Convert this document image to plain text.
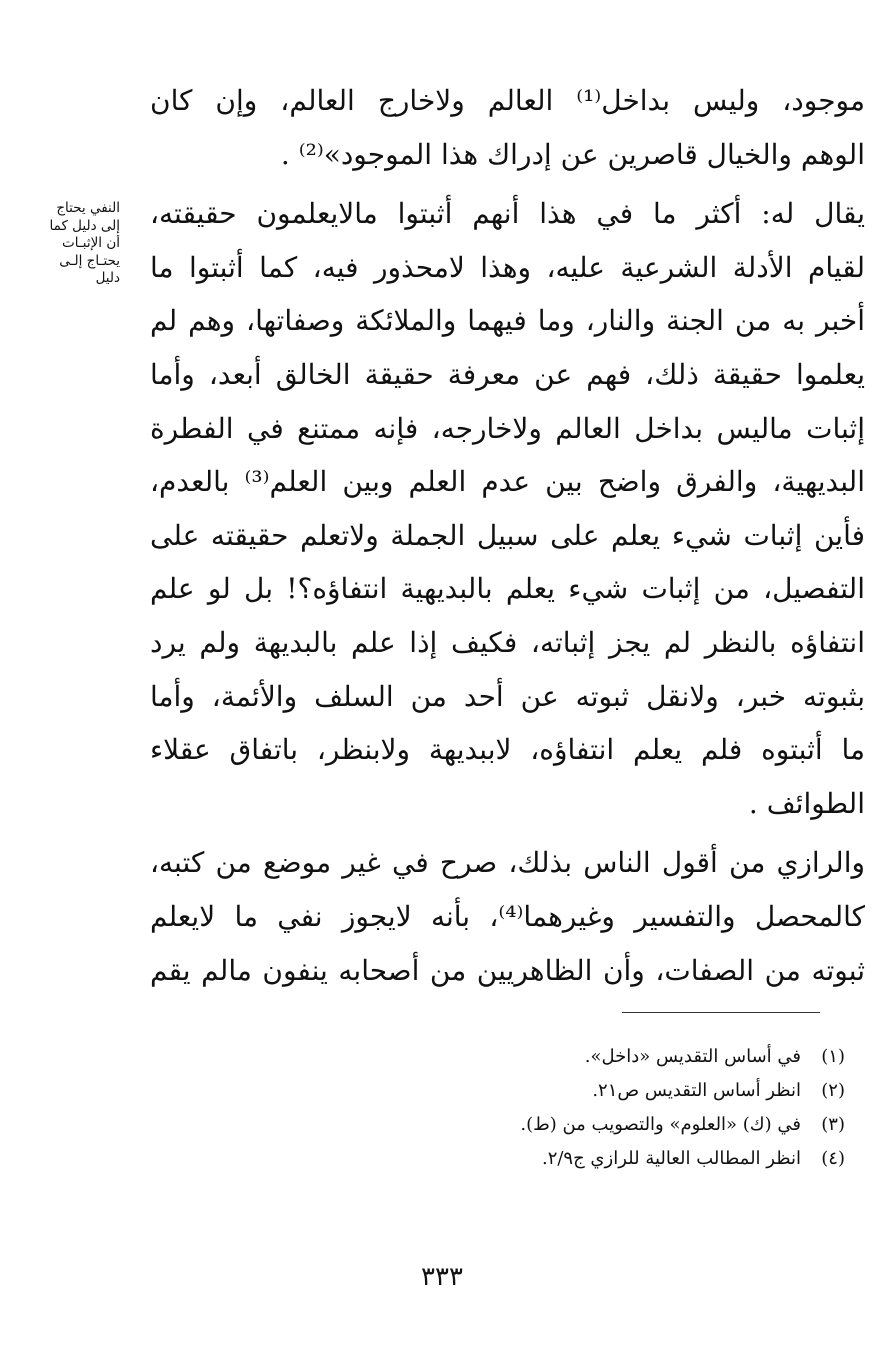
موجود، وليس بداخل⁽¹⁾ العالم ولاخارج العالم، وإن كان
الوهم والخيال قاصرين عن إدراك هذا الموجود»⁽²⁾ .
يقال له: أكثر ما في هذا أنهم أثبتوا مالايعلمون حقيقته،
لقيام الأدلة الشرعية عليه، وهذا لامحذور فيه، كما أثبتوا ما
أخبر به من الجنة والنار، وما فيهما والملائكة وصفاتها، وهم لم
يعلموا حقيقة ذلك، فهم عن معرفة حقيقة الخالق أبعد، وأما
إثبات ماليس بداخل العالم ولاخارجه، فإنه ممتنع في الفطرة
البديهية، والفرق واضح بين عدم العلم وبين العلم⁽³⁾ بالعدم،
فأين إثبات شيء يعلم على سبيل الجملة ولاتعلم حقيقته على
التفصيل، من إثبات شيء يعلم بالبديهية انتفاؤه؟! بل لو علم
انتفاؤه بالنظر لم يجز إثباته، فكيف إذا علم بالبديهة ولم يرد
بثبوته خبر، ولانقل ثبوته عن أحد من السلف والأئمة، وأما
ما أثبتوه فلم يعلم انتفاؤه، لاببديهة ولابنظر، باتفاق عقلاء
الطوائف .
والرازي من أقول الناس بذلك، صرح في غير موضع من كتبه،
كالمحصل والتفسير وغيرهما⁽⁴⁾، بأنه لايجوز نفي ما لايعلم
ثبوته من الصفات، وأن الظاهريين من أصحابه ينفون مالم يقم
النفي يحتاج
إلى دليل كما
أن الإثبـات
يحتـاج إلـى
دليل
(١)في أساس التقديس «داخل».
(٢)انظر أساس التقديس ص٢١.
(٣)في (ك) «العلوم» والتصويب من (ط).
(٤)انظر المطالب العالية للرازي ج٢/٩.
٣٣٣
